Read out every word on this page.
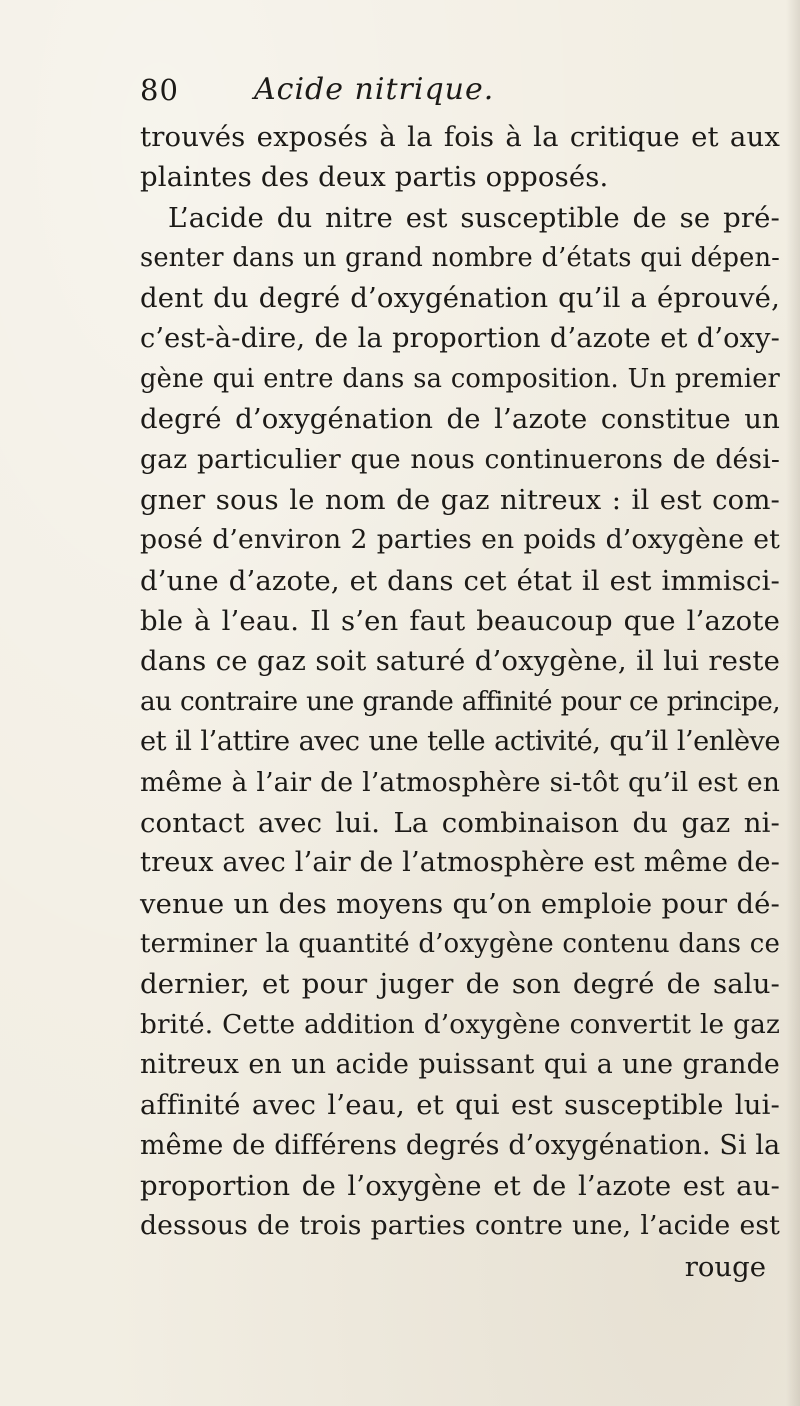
80	Acide nitrique.
trouvés exposés à la fois à la critique et aux
plaintes des deux partis opposés.
L’acide du nitre est susceptible de se pré-
senter dans un grand nombre d’états qui dépen-
dent du degré d’oxygénation qu’il a éprouvé,
c’est-à-dire, de la proportion d’azote et d’oxy-
gène qui entre dans sa composition. Un premier
degré d’oxygénation de l’azote constitue un
gaz particulier que nous continuerons de dési-
gner sous le nom de gaz nitreux : il est com-
posé d’environ 2 parties en poids d’oxygène et
d’une d’azote, et dans cet état il est immisci-
ble à l’eau. Il s’en faut beaucoup que l’azote
dans ce gaz soit saturé d’oxygène, il lui reste
au contraire une grande affinité pour ce principe,
et il l’attire avec une telle activité, qu’il l’enlève
même à l’air de l’atmosphère si-tôt qu’il est en
contact avec lui. La combinaison du gaz ni-
treux avec l’air de l’atmosphère est même de-
venue un des moyens qu’on emploie pour dé-
terminer la quantité d’oxygène contenu dans ce
dernier, et pour juger de son degré de salu-
brité. Cette addition d’oxygène convertit le gaz
nitreux en un acide puissant qui a une grande
affinité avec l’eau, et qui est susceptible lui-
même de différens degrés d’oxygénation. Si la
proportion de l’oxygène et de l’azote est au-
dessous de trois parties contre une, l’acide est
rouge
